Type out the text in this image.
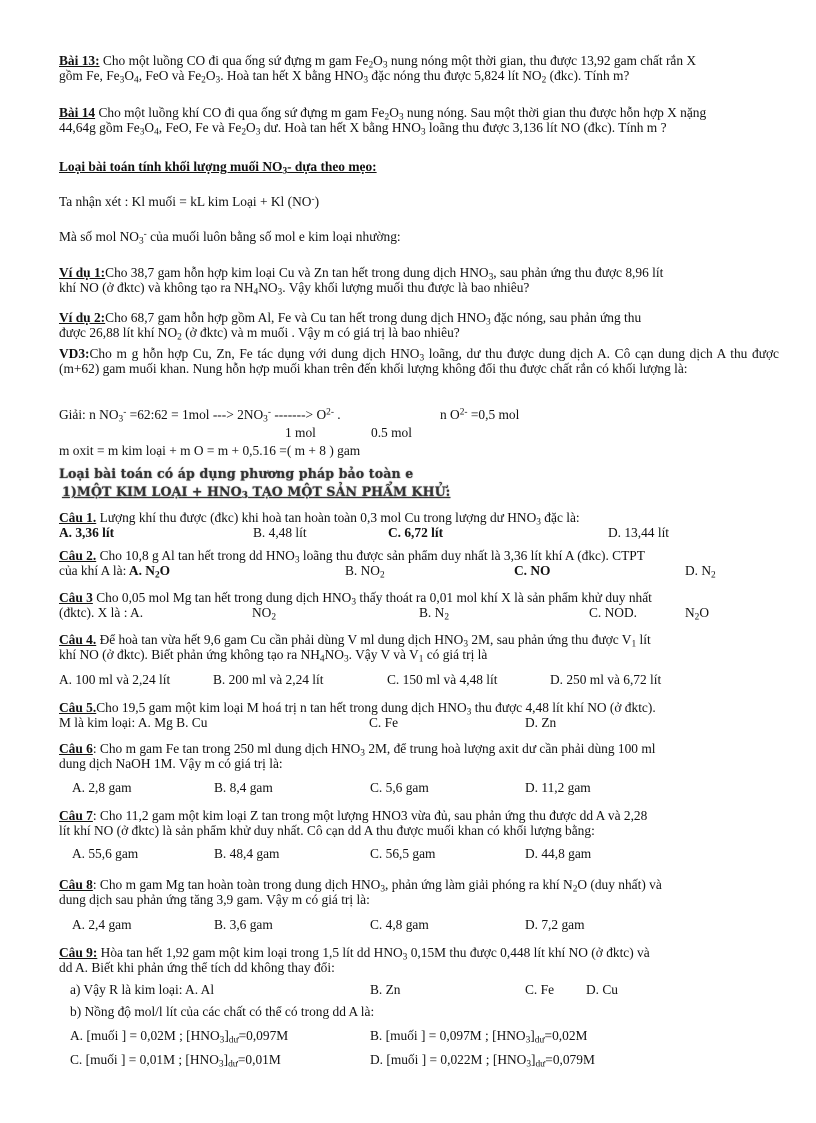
Bài 13: Cho một luồng CO đi qua ống sứ đựng m gam $Fe_2O_3$ nung nóng một thời gian, thu được 13,92 gam chất rắn X

gồm Fe, $Fe_3O_4$, FeO và $Fe_2O_3$. Hoà tan hết X bằng $HNO_3$ đặc nóng thu được 5,824 lít $NO_2$ (đkc). Tính m?

Bài 14 Cho một luồng khí CO đi qua ống sứ đựng m gam $Fe_2O_3$ nung nóng. Sau một thời gian thu được hỗn hợp X nặng

44,64g gồm $Fe_3O_4$, FeO, Fe và $Fe_2O_3$ dư. Hoà tan hết X bằng $HNO_3$ loãng thu được 3,136 lít NO (đkc). Tính m ?

Loại bài toán tính khối lượng muối $NO_3-$ dựa theo mẹo:

Ta nhận xét : Kl muối = kL kim Loại + Kl (NO-)

Mà số mol $NO_3^-$ của muối luôn bằng số mol e kim loại nhường:

Ví dụ 1:Cho 38,7 gam hỗn hợp kim loại Cu và Zn tan hết trong dung dịch $HNO_3$, sau phản ứng thu được 8,96 lít

khí NO (ở đktc) và không tạo ra $NH_4NO_3$. Vậy khối lượng muối thu được là bao nhiêu?

Ví dụ 2:Cho 68,7 gam hỗn hợp gồm Al, Fe và Cu tan hết trong dung dịch $HNO_3$ đặc nóng, sau phản ứng thu

được 26,88 lít khí $NO_2$ (ở đktc) và m muối . Vậy m có giá trị là bao nhiêu?

VD3:Cho m g hỗn hợp Cu, Zn, Fe tác dụng với dung dịch $HNO_3$ loãng, dư thu được dung dịch A. Cô cạn dung dịch A thu được (m+62) gam muối khan. Nung hỗn hợp muối khan trên đến khối lượng không đổi thu được chất rắn có khối lượng là:

Giải: n $NO_3^-$ =62:62 = 1mol ---> $2NO_3^-$ -------> $O^{2-}$ .	n $O^{2-} =0,5$ mol
1 mol	0.5 mol
m oxit = m kim loại + m O = m + 0,5.16 =( m + 8 ) gam

Loại bài toán có áp dụng phương pháp bảo toàn e

1)MỘT KIM LOẠI + $HNO_3$ TẠO MỘT SẢN PHẨM KHỬ:

Câu 1. Lượng khí thu được (đkc) khi hoà tan hoàn toàn 0,3 mol Cu trong lượng dư $HNO_3$ đặc là:

A. 3,36 lít	B. 4,48 lít	C. 6,72 lít	D. 13,44 lít

Câu 2. Cho 10,8 g Al tan hết trong dd $HNO_3$ loãng thu được sản phẩm duy nhất là 3,36 lít khí A (đkc). CTPT

của khí A là: A. $N_2O$	B. $NO_2$	C. NO	D. $N_2$

Câu 3 Cho 0,05 mol Mg tan hết trong dung dịch $HNO_3$ thấy thoát ra 0,01 mol khí X là sản phẩm khử duy nhất

(đktc). X là : A.	$NO_2$	B. $N_2$	C. NOD.	$N_2O$

Câu 4. Để hoà tan vừa hết 9,6 gam Cu cần phải dùng V ml dung dịch $HNO_3$ 2M, sau phản ứng thu được $V_1$ lít

khí NO (ở đktc). Biết phản ứng không tạo ra $NH_4NO_3$. Vậy V và $V_1$ có giá trị là

A. 100 ml và 2,24 lít	B. 200 ml và 2,24 lít	C. 150 ml và 4,48 lít	D. 250 ml và 6,72 lít

Câu 5.Cho 19,5 gam một kim loại M hoá trị n tan hết trong dung dịch $HNO_3$ thu được 4,48 lít khí NO (ở đktc).

M là kim loại: A. Mg B. Cu	C. Fe	D. Zn

Câu 6: Cho m gam Fe tan trong 250 ml dung dịch $HNO_3$ 2M, để trung hoà lượng axit dư cần phải dùng 100 ml

dung dịch NaOH 1M. Vậy m có giá trị là:

A. 2,8 gam	B. 8,4 gam	C. 5,6 gam	D. 11,2 gam

Câu 7: Cho 11,2 gam một kim loại Z tan trong một lượng HNO3 vừa đủ, sau phản ứng thu được dd A và 2,28

lít khí NO (ở đktc) là sản phẩm khử duy nhất. Cô cạn dd A thu được muối khan có khối lượng bằng:

A. 55,6 gam	B. 48,4 gam	C. 56,5 gam	D. 44,8 gam

Câu 8: Cho m gam Mg tan hoàn toàn trong dung dịch $HNO_3$, phản ứng làm giải phóng ra khí $N_2O$ (duy nhất) và

dung dịch sau phản ứng tăng 3,9 gam. Vậy m có giá trị là:

A. 2,4 gam	B. 3,6 gam	C. 4,8 gam	D. 7,2 gam

Câu 9: Hòa tan hết 1,92 gam một kim loại trong 1,5 lít dd $HNO_3$ 0,15M thu được 0,448 lít khí NO (ở đktc) và

dd A. Biết khi phản ứng thể tích dd không thay đổi:

a) Vậy R là kim loại: A. Al	B. Zn	C. Fe D. Cu
b) Nồng độ mol/l lít của các chất có thể có trong dd A là:
A. [muối ] = 0,02M ; $[HNO_3]_{dư}=0,097M$	B. [muối ] = 0,097M ; $[HNO_3]_{dư}=0,02M$
C. [muối ] = 0,01M ; $[HNO_3]_{dư}=0,01M$	D. [muối ] = 0,022M ; $[HNO_3]_{dư}=0,079M$
